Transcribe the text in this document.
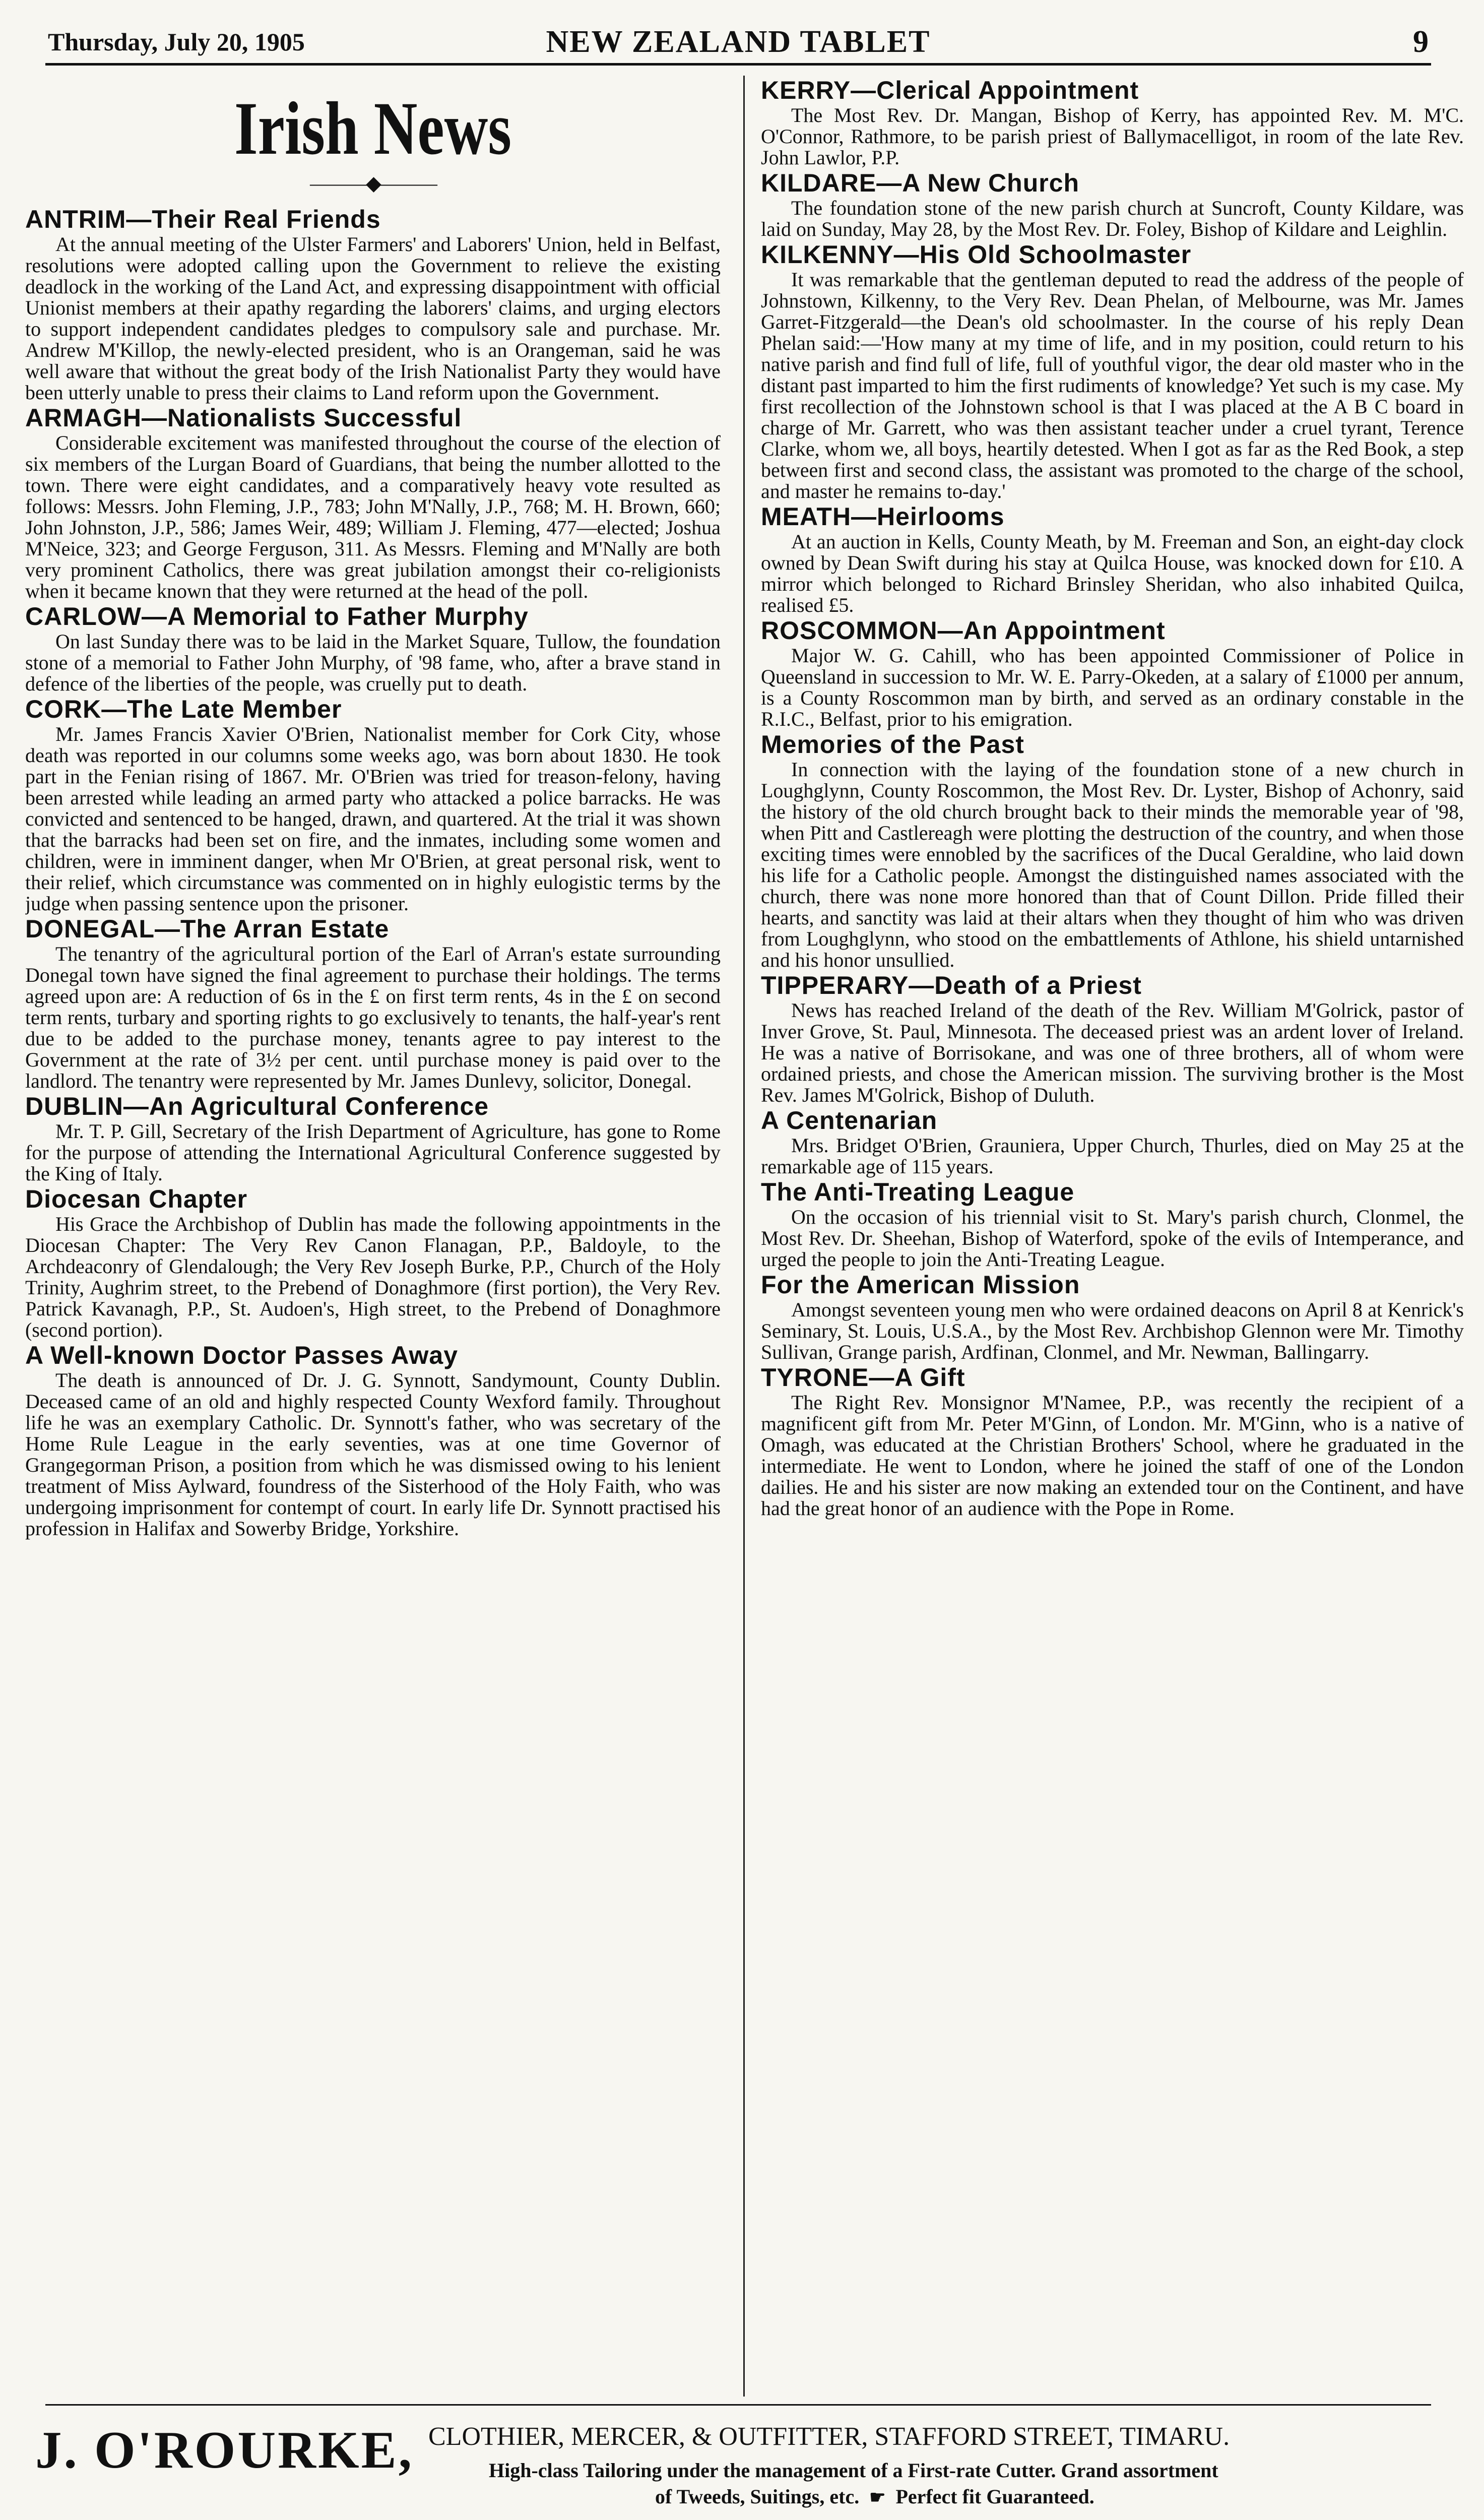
Thursday, July 20, 1905	NEW ZEALAND TABLET	9
Irish News
———◆———
ANTRIM—Their Real Friends

At the annual meeting of the Ulster Farmers' and Laborers' Union, held in Belfast, resolutions were adopted calling upon the Government to relieve the existing deadlock in the working of the Land Act, and expressing disappointment with official Unionist members at their apathy regarding the laborers' claims, and urging electors to support independent candidates pledges to compulsory sale and purchase. Mr. Andrew M'Killop, the newly-elected president, who is an Orangeman, said he was well aware that without the great body of the Irish Nationalist Party they would have been utterly unable to press their claims to Land reform upon the Government.

ARMAGH—Nationalists Successful

Considerable excitement was manifested throughout the course of the election of six members of the Lurgan Board of Guardians, that being the number allotted to the town. There were eight candidates, and a comparatively heavy vote resulted as follows: Messrs. John Fleming, J.P., 783; John M'Nally, J.P., 768; M. H. Brown, 660; John Johnston, J.P., 586; James Weir, 489; William J. Fleming, 477—elected; Joshua M'Neice, 323; and George Ferguson, 311. As Messrs. Fleming and M'Nally are both very prominent Catholics, there was great jubilation amongst their co-religionists when it became known that they were returned at the head of the poll.

CARLOW—A Memorial to Father Murphy

On last Sunday there was to be laid in the Market Square, Tullow, the foundation stone of a memorial to Father John Murphy, of '98 fame, who, after a brave stand in defence of the liberties of the people, was cruelly put to death.

CORK—The Late Member

Mr. James Francis Xavier O'Brien, Nationalist member for Cork City, whose death was reported in our columns some weeks ago, was born about 1830. He took part in the Fenian rising of 1867. Mr. O'Brien was tried for treason-felony, having been arrested while leading an armed party who attacked a police barracks. He was convicted and sentenced to be hanged, drawn, and quartered. At the trial it was shown that the barracks had been set on fire, and the inmates, including some women and children, were in imminent danger, when Mr O'Brien, at great personal risk, went to their relief, which circumstance was commented on in highly eulogistic terms by the judge when passing sentence upon the prisoner.

DONEGAL—The Arran Estate

The tenantry of the agricultural portion of the Earl of Arran's estate surrounding Donegal town have signed the final agreement to purchase their holdings. The terms agreed upon are: A reduction of 6s in the £ on first term rents, 4s in the £ on second term rents, turbary and sporting rights to go exclusively to tenants, the half-year's rent due to be added to the purchase money, tenants agree to pay interest to the Government at the rate of 3½ per cent. until purchase money is paid over to the landlord. The tenantry were represented by Mr. James Dunlevy, solicitor, Donegal.

DUBLIN—An Agricultural Conference

Mr. T. P. Gill, Secretary of the Irish Department of Agriculture, has gone to Rome for the purpose of attending the International Agricultural Conference suggested by the King of Italy.

Diocesan Chapter

His Grace the Archbishop of Dublin has made the following appointments in the Diocesan Chapter: The Very Rev Canon Flanagan, P.P., Baldoyle, to the Archdeaconry of Glendalough; the Very Rev Joseph Burke, P.P., Church of the Holy Trinity, Aughrim street, to the Prebend of Donaghmore (first portion), the Very Rev. Patrick Kavanagh, P.P., St. Audoen's, High street, to the Prebend of Donaghmore (second portion).

A Well-known Doctor Passes Away

The death is announced of Dr. J. G. Synnott, Sandymount, County Dublin. Deceased came of an old and highly respected County Wexford family. Throughout life he was an exemplary Catholic. Dr. Synnott's father, who was secretary of the Home Rule League in the early seventies, was at one time Governor of Grangegorman Prison, a position from which he was dismissed owing to his lenient treatment of Miss Aylward, foundress of the Sisterhood of the Holy Faith, who was undergoing imprisonment for contempt of court. In early life Dr. Synnott practised his profession in Halifax and Sowerby Bridge, Yorkshire.

KERRY—Clerical Appointment

The Most Rev. Dr. Mangan, Bishop of Kerry, has appointed Rev. M. M'C. O'Connor, Rathmore, to be parish priest of Ballymacelligot, in room of the late Rev. John Lawlor, P.P.

KILDARE—A New Church

The foundation stone of the new parish church at Suncroft, County Kildare, was laid on Sunday, May 28, by the Most Rev. Dr. Foley, Bishop of Kildare and Leighlin.

KILKENNY—His Old Schoolmaster

It was remarkable that the gentleman deputed to read the address of the people of Johnstown, Kilkenny, to the Very Rev. Dean Phelan, of Melbourne, was Mr. James Garret-Fitzgerald—the Dean's old schoolmaster. In the course of his reply Dean Phelan said:—'How many at my time of life, and in my position, could return to his native parish and find full of life, full of youthful vigor, the dear old master who in the distant past imparted to him the first rudiments of knowledge? Yet such is my case. My first recollection of the Johnstown school is that I was placed at the A B C board in charge of Mr. Garrett, who was then assistant teacher under a cruel tyrant, Terence Clarke, whom we, all boys, heartily detested. When I got as far as the Red Book, a step between first and second class, the assistant was promoted to the charge of the school, and master he remains to-day.'

MEATH—Heirlooms

At an auction in Kells, County Meath, by M. Freeman and Son, an eight-day clock owned by Dean Swift during his stay at Quilca House, was knocked down for £10. A mirror which belonged to Richard Brinsley Sheridan, who also inhabited Quilca, realised £5.

ROSCOMMON—An Appointment

Major W. G. Cahill, who has been appointed Commissioner of Police in Queensland in succession to Mr. W. E. Parry-Okeden, at a salary of £1000 per annum, is a County Roscommon man by birth, and served as an ordinary constable in the R.I.C., Belfast, prior to his emigration.

Memories of the Past

In connection with the laying of the foundation stone of a new church in Loughglynn, County Roscommon, the Most Rev. Dr. Lyster, Bishop of Achonry, said the history of the old church brought back to their minds the memorable year of '98, when Pitt and Castlereagh were plotting the destruction of the country, and when those exciting times were ennobled by the sacrifices of the Ducal Geraldine, who laid down his life for a Catholic people. Amongst the distinguished names associated with the church, there was none more honored than that of Count Dillon. Pride filled their hearts, and sanctity was laid at their altars when they thought of him who was driven from Loughglynn, who stood on the embattlements of Athlone, his shield untarnished and his honor unsullied.

TIPPERARY—Death of a Priest

News has reached Ireland of the death of the Rev. William M'Golrick, pastor of Inver Grove, St. Paul, Minnesota. The deceased priest was an ardent lover of Ireland. He was a native of Borrisokane, and was one of three brothers, all of whom were ordained priests, and chose the American mission. The surviving brother is the Most Rev. James M'Golrick, Bishop of Duluth.

A Centenarian

Mrs. Bridget O'Brien, Grauniera, Upper Church, Thurles, died on May 25 at the remarkable age of 115 years.

The Anti-Treating League

On the occasion of his triennial visit to St. Mary's parish church, Clonmel, the Most Rev. Dr. Sheehan, Bishop of Waterford, spoke of the evils of Intemperance, and urged the people to join the Anti-Treating League.

For the American Mission

Amongst seventeen young men who were ordained deacons on April 8 at Kenrick's Seminary, St. Louis, U.S.A., by the Most Rev. Archbishop Glennon were Mr. Timothy Sullivan, Grange parish, Ardfinan, Clonmel, and Mr. Newman, Ballingarry.

TYRONE—A Gift

The Right Rev. Monsignor M'Namee, P.P., was recently the recipient of a magnificent gift from Mr. Peter M'Ginn, of London. Mr. M'Ginn, who is a native of Omagh, was educated at the Christian Brothers' School, where he graduated in the intermediate. He went to London, where he joined the staff of one of the London dailies. He and his sister are now making an extended tour on the Continent, and have had the great honor of an audience with the Pope in Rome.

J. O'ROURKE, CLOTHIER, MERCER, & OUTFITTER, STAFFORD STREET, TIMARU.
High-class Tailoring under the management of a First-rate Cutter. Grand assortment
of Tweeds, Suitings, etc. ☛ Perfect fit Guaranteed.
